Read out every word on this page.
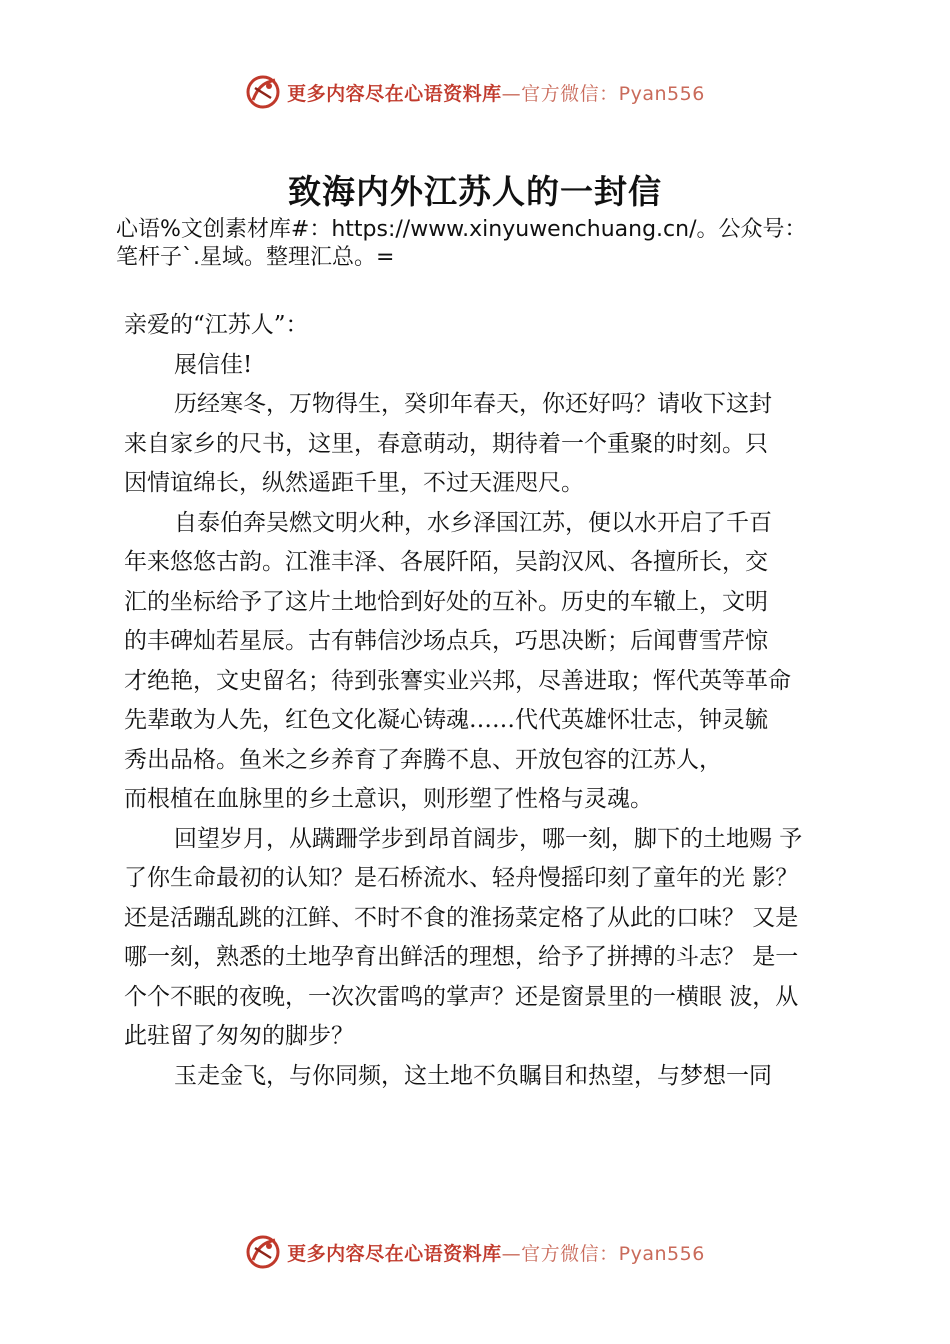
更多内容尽在心语资料库—官方微信：Pyan556
致海内外江苏人的一封信
心语%文创素材库#：https://www.xinyuwenchuang.cn/。公众号：
笔杆子`.星域。整理汇总。=
亲爱的“江苏人”：
展信佳!
历经寒冬，万物得生，癸卯年春天，你还好吗？请收下这封
来自家乡的尺书，这里，春意萌动，期待着一个重聚的时刻。只
因情谊绵长，纵然遥距千里，不过天涯咫尺。
自泰伯奔吴燃文明火种，水乡泽国江苏，便以水开启了千百
年来悠悠古韵。江淮丰泽、各展阡陌，吴韵汉风、各擅所长，交
汇的坐标给予了这片土地恰到好处的互补。历史的车辙上，文明
的丰碑灿若星辰。古有韩信沙场点兵，巧思决断；后闻曹雪芹惊
才绝艳，文史留名；待到张謇实业兴邦，尽善进取；恽代英等革命
先辈敢为人先，红色文化凝心铸魂……代代英雄怀壮志，钟灵毓
秀出品格。鱼米之乡养育了奔腾不息、开放包容的江苏人，
而根植在血脉里的乡土意识，则形塑了性格与灵魂。
回望岁月，从蹒跚学步到昂首阔步，哪一刻，脚下的土地赐 予
了你生命最初的认知？是石桥流水、轻舟慢摇印刻了童年的光 影？
还是活蹦乱跳的江鲜、不时不食的淮扬菜定格了从此的口味？ 又是
哪一刻，熟悉的土地孕育出鲜活的理想，给予了拼搏的斗志？ 是一
个个不眠的夜晚，一次次雷鸣的掌声？还是窗景里的一横眼 波，从
此驻留了匆匆的脚步？
玉走金飞，与你同频，这土地不负瞩目和热望，与梦想一同
更多内容尽在心语资料库—官方微信：Pyan556
